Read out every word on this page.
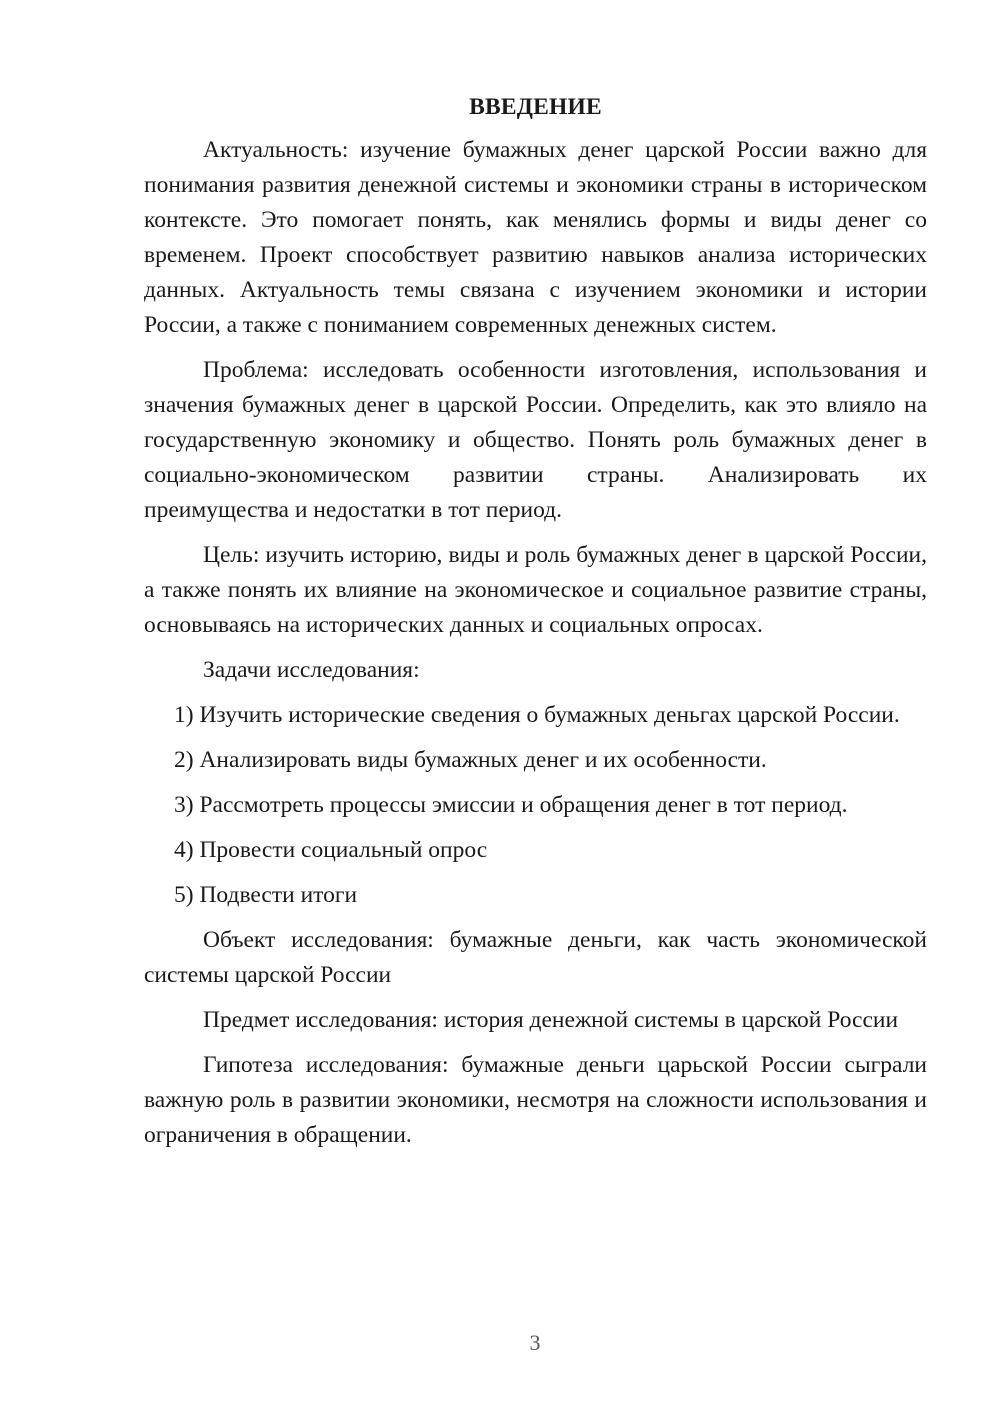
ВВЕДЕНИЕ

Актуальность: изучение бумажных денег царской России важно для понимания развития денежной системы и экономики страны в историческом контексте. Это помогает понять, как менялись формы и виды денег со временем. Проект способствует развитию навыков анализа исторических данных. Актуальность темы связана с изучением экономики и истории России, а также с пониманием современных денежных систем.

Проблема: исследовать особенности изготовления, использования и значения бумажных денег в царской России. Определить, как это влияло на государственную экономику и общество. Понять роль бумажных денег в социально-экономическом развитии страны. Анализировать их преимущества и недостатки в тот период.

Цель: изучить историю, виды и роль бумажных денег в царской России, а также понять их влияние на экономическое и социальное развитие страны, основываясь на исторических данных и социальных опросах.

Задачи исследования:

1) Изучить исторические сведения о бумажных деньгах царской России.

2) Анализировать виды бумажных денег и их особенности.

3) Рассмотреть процессы эмиссии и обращения денег в тот период.

4) Провести социальный опрос

5) Подвести итоги

Объект исследования: бумажные деньги, как часть экономической системы царской России

Предмет исследования: история денежной системы в царской России

Гипотеза исследования: бумажные деньги царьской России сыграли важную роль в развитии экономики, несмотря на сложности использования и ограничения в обращении.

3
